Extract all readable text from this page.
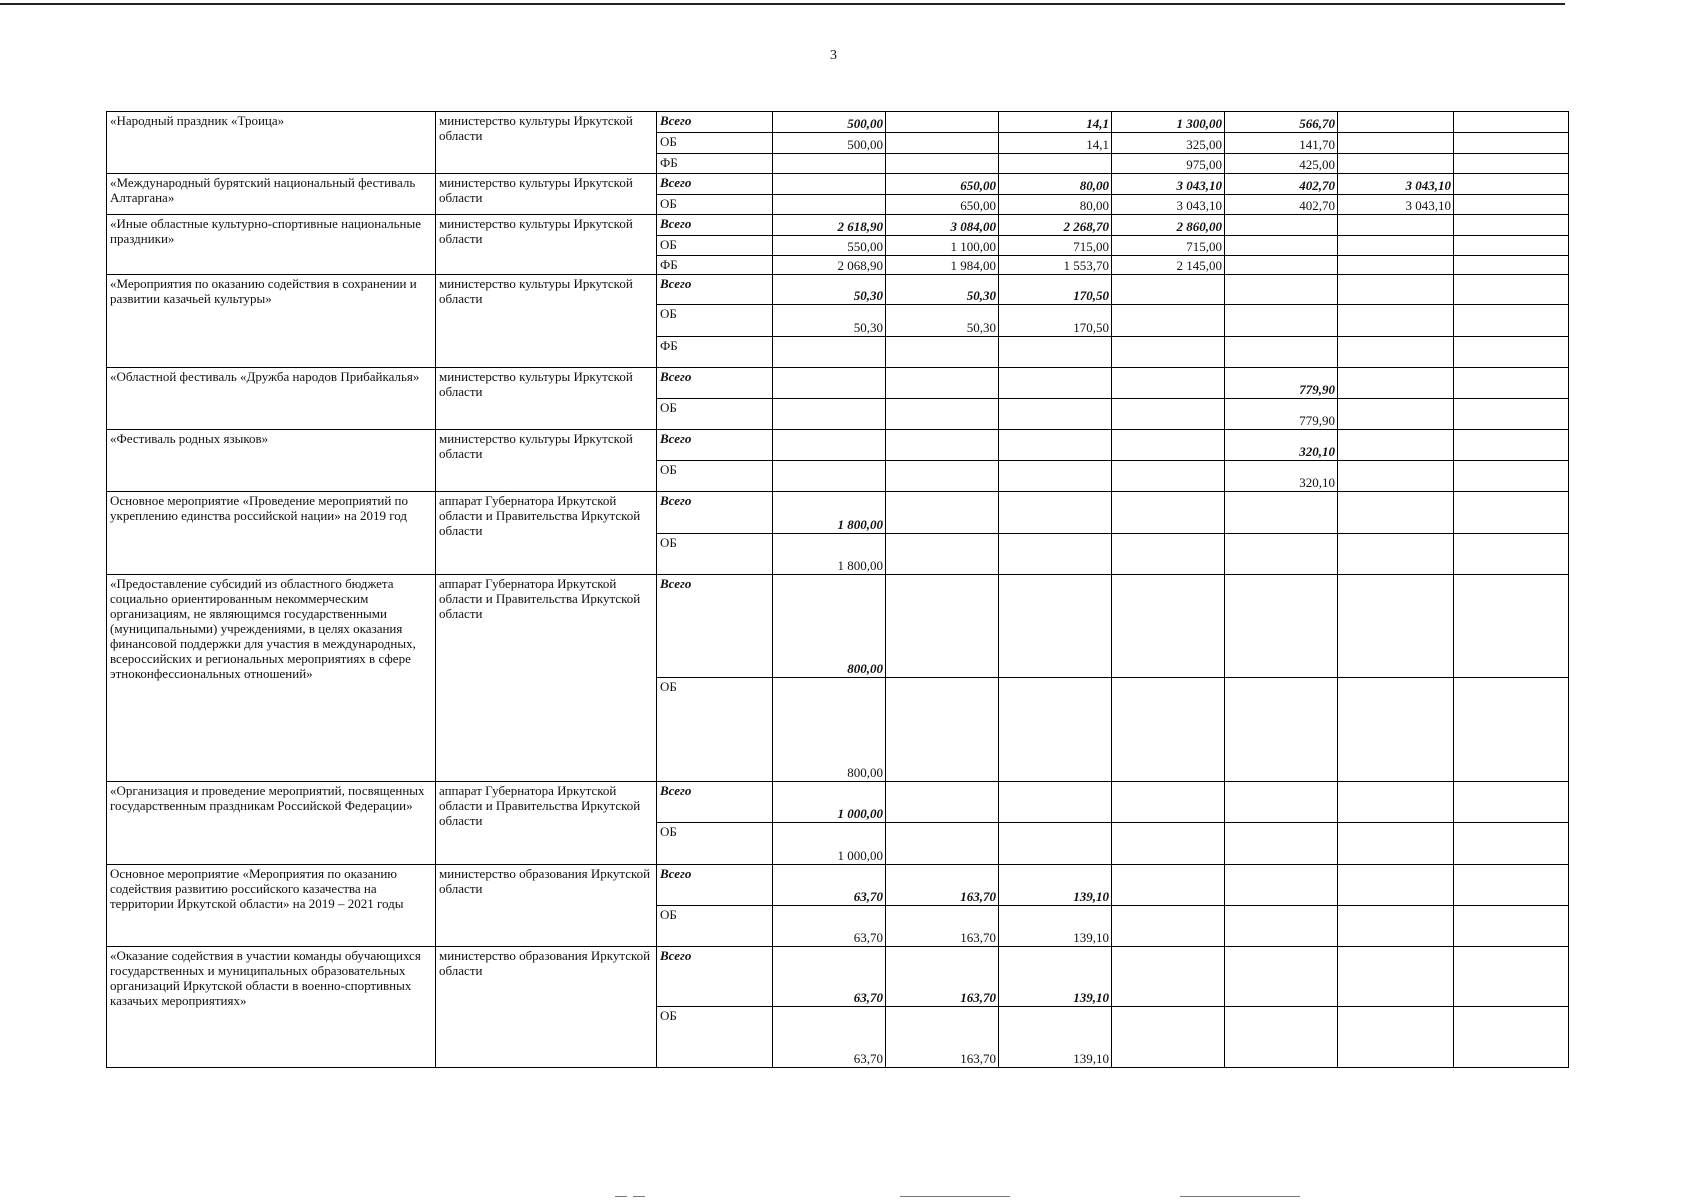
3
«Народный праздник «Троица»	министерство культуры Иркутской области	Всего	500,00		14,1	1 300,00	566,70		
		ОБ	500,00		14,1	325,00	141,70		
		ФБ				975,00	425,00		
«Международный бурятский национальный фестиваль Алтаргана»	министерство культуры Иркутской области	Всего		650,00	80,00	3 043,10	402,70	3 043,10	
		ОБ		650,00	80,00	3 043,10	402,70	3 043,10	
«Иные областные культурно-спортивные национальные праздники»	министерство культуры Иркутской области	Всего	2 618,90	3 084,00	2 268,70	2 860,00			
		ОБ	550,00	1 100,00	715,00	715,00			
		ФБ	2 068,90	1 984,00	1 553,70	2 145,00			
«Мероприятия по оказанию содействия в сохранении и развитии казачьей культуры»	министерство культуры Иркутской области	Всего	50,30	50,30	170,50				
		ОБ	50,30	50,30	170,50				
		ФБ							
«Областной фестиваль «Дружба народов Прибайкалья»	министерство культуры Иркутской области	Всего					779,90		
		ОБ					779,90		
«Фестиваль родных языков»	министерство культуры Иркутской области	Всего					320,10		
		ОБ					320,10		
Основное мероприятие «Проведение мероприятий по укреплению единства российской нации» на 2019 год	аппарат Губернатора Иркутской области и Правительства Иркутской области	Всего	1 800,00						
		ОБ	1 800,00						
«Предоставление субсидий из областного бюджета социально ориентированным некоммерческим организациям, не являющимся государственными (муниципальными) учреждениями, в целях оказания финансовой поддержки для участия в международных, всероссийских и региональных мероприятиях в сфере этноконфессиональных отношений»	аппарат Губернатора Иркутской области и Правительства Иркутской области	Всего	800,00						
		ОБ	800,00						
«Организация и проведение мероприятий, посвященных государственным праздникам Российской Федерации»	аппарат Губернатора Иркутской области и Правительства Иркутской области	Всего	1 000,00						
		ОБ	1 000,00						
Основное мероприятие «Мероприятия по оказанию содействия развитию российского казачества на территории Иркутской области» на 2019 – 2021 годы	министерство образования Иркутской области	Всего	63,70	163,70	139,10				
		ОБ	63,70	163,70	139,10				
«Оказание содействия в участии команды обучающихся государственных и муниципальных образовательных организаций Иркутской области в военно-спортивных казачьих мероприятиях»	министерство образования Иркутской области	Всего	63,70	163,70	139,10				
		ОБ	63,70	163,70	139,10				
